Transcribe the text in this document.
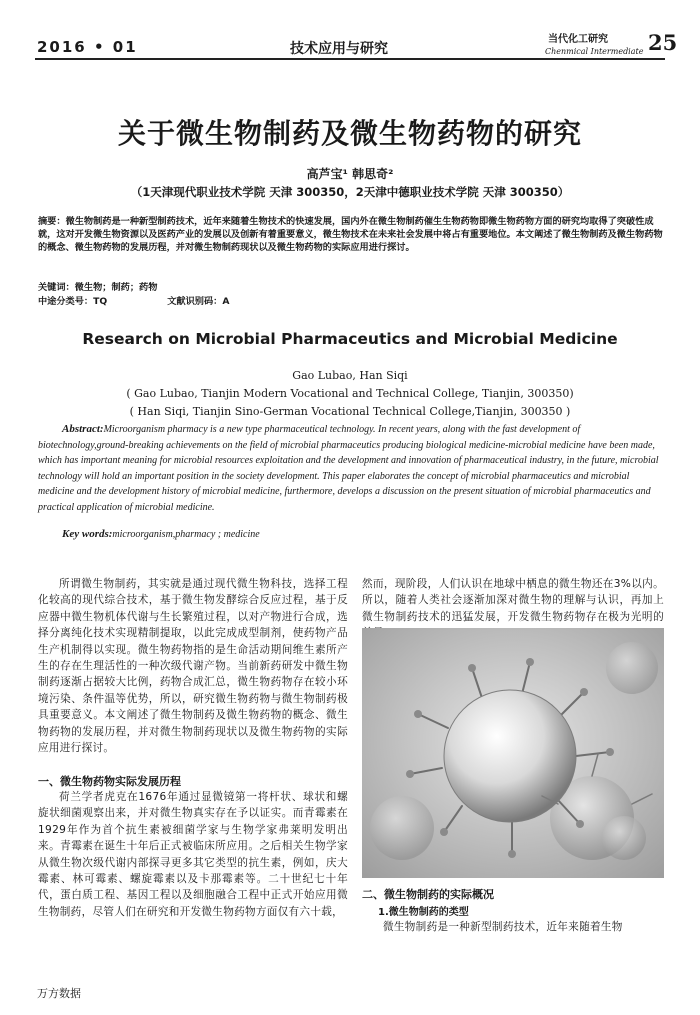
2016 • 01	技术应用与研究
当代化工研究
Chenmical Intermediate 25
关于微生物制药及微生物药物的研究
高芦宝¹ 韩思奇²
（1天津现代职业技术学院 天津 300350，2天津中德职业技术学院 天津 300350）
摘要：微生物制药是一种新型制药技术，近年来随着生物技术的快速发展，国内外在微生物制药催生生物药物即微生物药物方面的研究均取得了突破性成就，这对开发微生物资源以及医药产业的发展以及创新有着重要意义，微生物技术在未来社会发展中将占有重要地位。本文阐述了微生物制药及微生物药物的概念、微生物药物的发展历程，并对微生物制药现状以及微生物药物的实际应用进行探讨。
关键词：微生物；制药；药物
中途分类号：TQ	文献识别码：A
Research on Microbial Pharmaceutics and Microbial Medicine
Gao Lubao, Han Siqi
( Gao Lubao, Tianjin Modern Vocational and Technical College, Tianjin, 300350)
( Han Siqi, Tianjin Sino-German Vocational Technical College,Tianjin, 300350 )
Abstract:Microorganism pharmacy is a new type pharmaceutical technology. In recent years, along with the fast development of biotechnology,ground-breaking achievements on the field of microbial pharmaceutics producing biological medicine-microbial medicine have been made, which has important meaning for microbial resources exploitation and the development and innovation of pharmaceutical industry, in the future, microbial technology will hold an important position in the society development. This paper elaborates the concept of microbial pharmaceutics and microbial medicine and the development history of microbial medicine, furthermore, develops a discussion on the present situation of microbial pharmaceutics and practical application of microbial medicine.
Key words:microorganism,pharmacy ; medicine
所谓微生物制药，其实就是通过现代微生物科技，选择工程化较高的现代综合技术，基于微生物发酵综合反应过程，基于反应器中微生物机体代谢与生长繁殖过程，以对产物进行合成，选择分离纯化技术实现精制提取，以此完成成型制剂，使药物产品生产机制得以实现。微生物药物指的是生命活动期间维生素所产生的存在生理活性的一种次级代谢产物。当前新药研发中微生物制药逐渐占据较大比例，药物合成汇总，微生物药物存在较小环境污染、条件温等优势，所以，研究微生物药物与微生物制药极具重要意义。本文阐述了微生物制药及微生物药物的概念、微生物药物的发展历程，并对微生物制药现状以及微生物药物的实际应用进行探讨。
一、微生物药物实际发展历程
荷兰学者虎克在1676年通过显微镜第一将杆状、球状和螺旋状细菌观察出来，并对微生物真实存在予以证实。而青霉素在1929年作为首个抗生素被细菌学家与生物学家弗莱明发明出来。青霉素在诞生十年后正式被临床所应用。之后相关生物学家从微生物次级代谢内部探寻更多其它类型的抗生素，例如，庆大霉素、林可霉素、螺旋霉素以及卡那霉素等。二十世纪七十年代，蛋白质工程、基因工程以及细胞融合工程中正式开始应用微生物制药，尽管人们在研究和开发微生物药物方面仅有六十载，
然而，现阶段，人们认识在地球中栖息的微生物还在3%以内。所以，随着人类社会逐渐加深对微生物的理解与认识，再加上微生物制药技术的迅猛发展，开发微生物药物存在极为光明的
二、微生物制药的实际概况
1.微生物制药的类型
微生物制药是一种新型制药技术，近年来随着生物
万方数据
